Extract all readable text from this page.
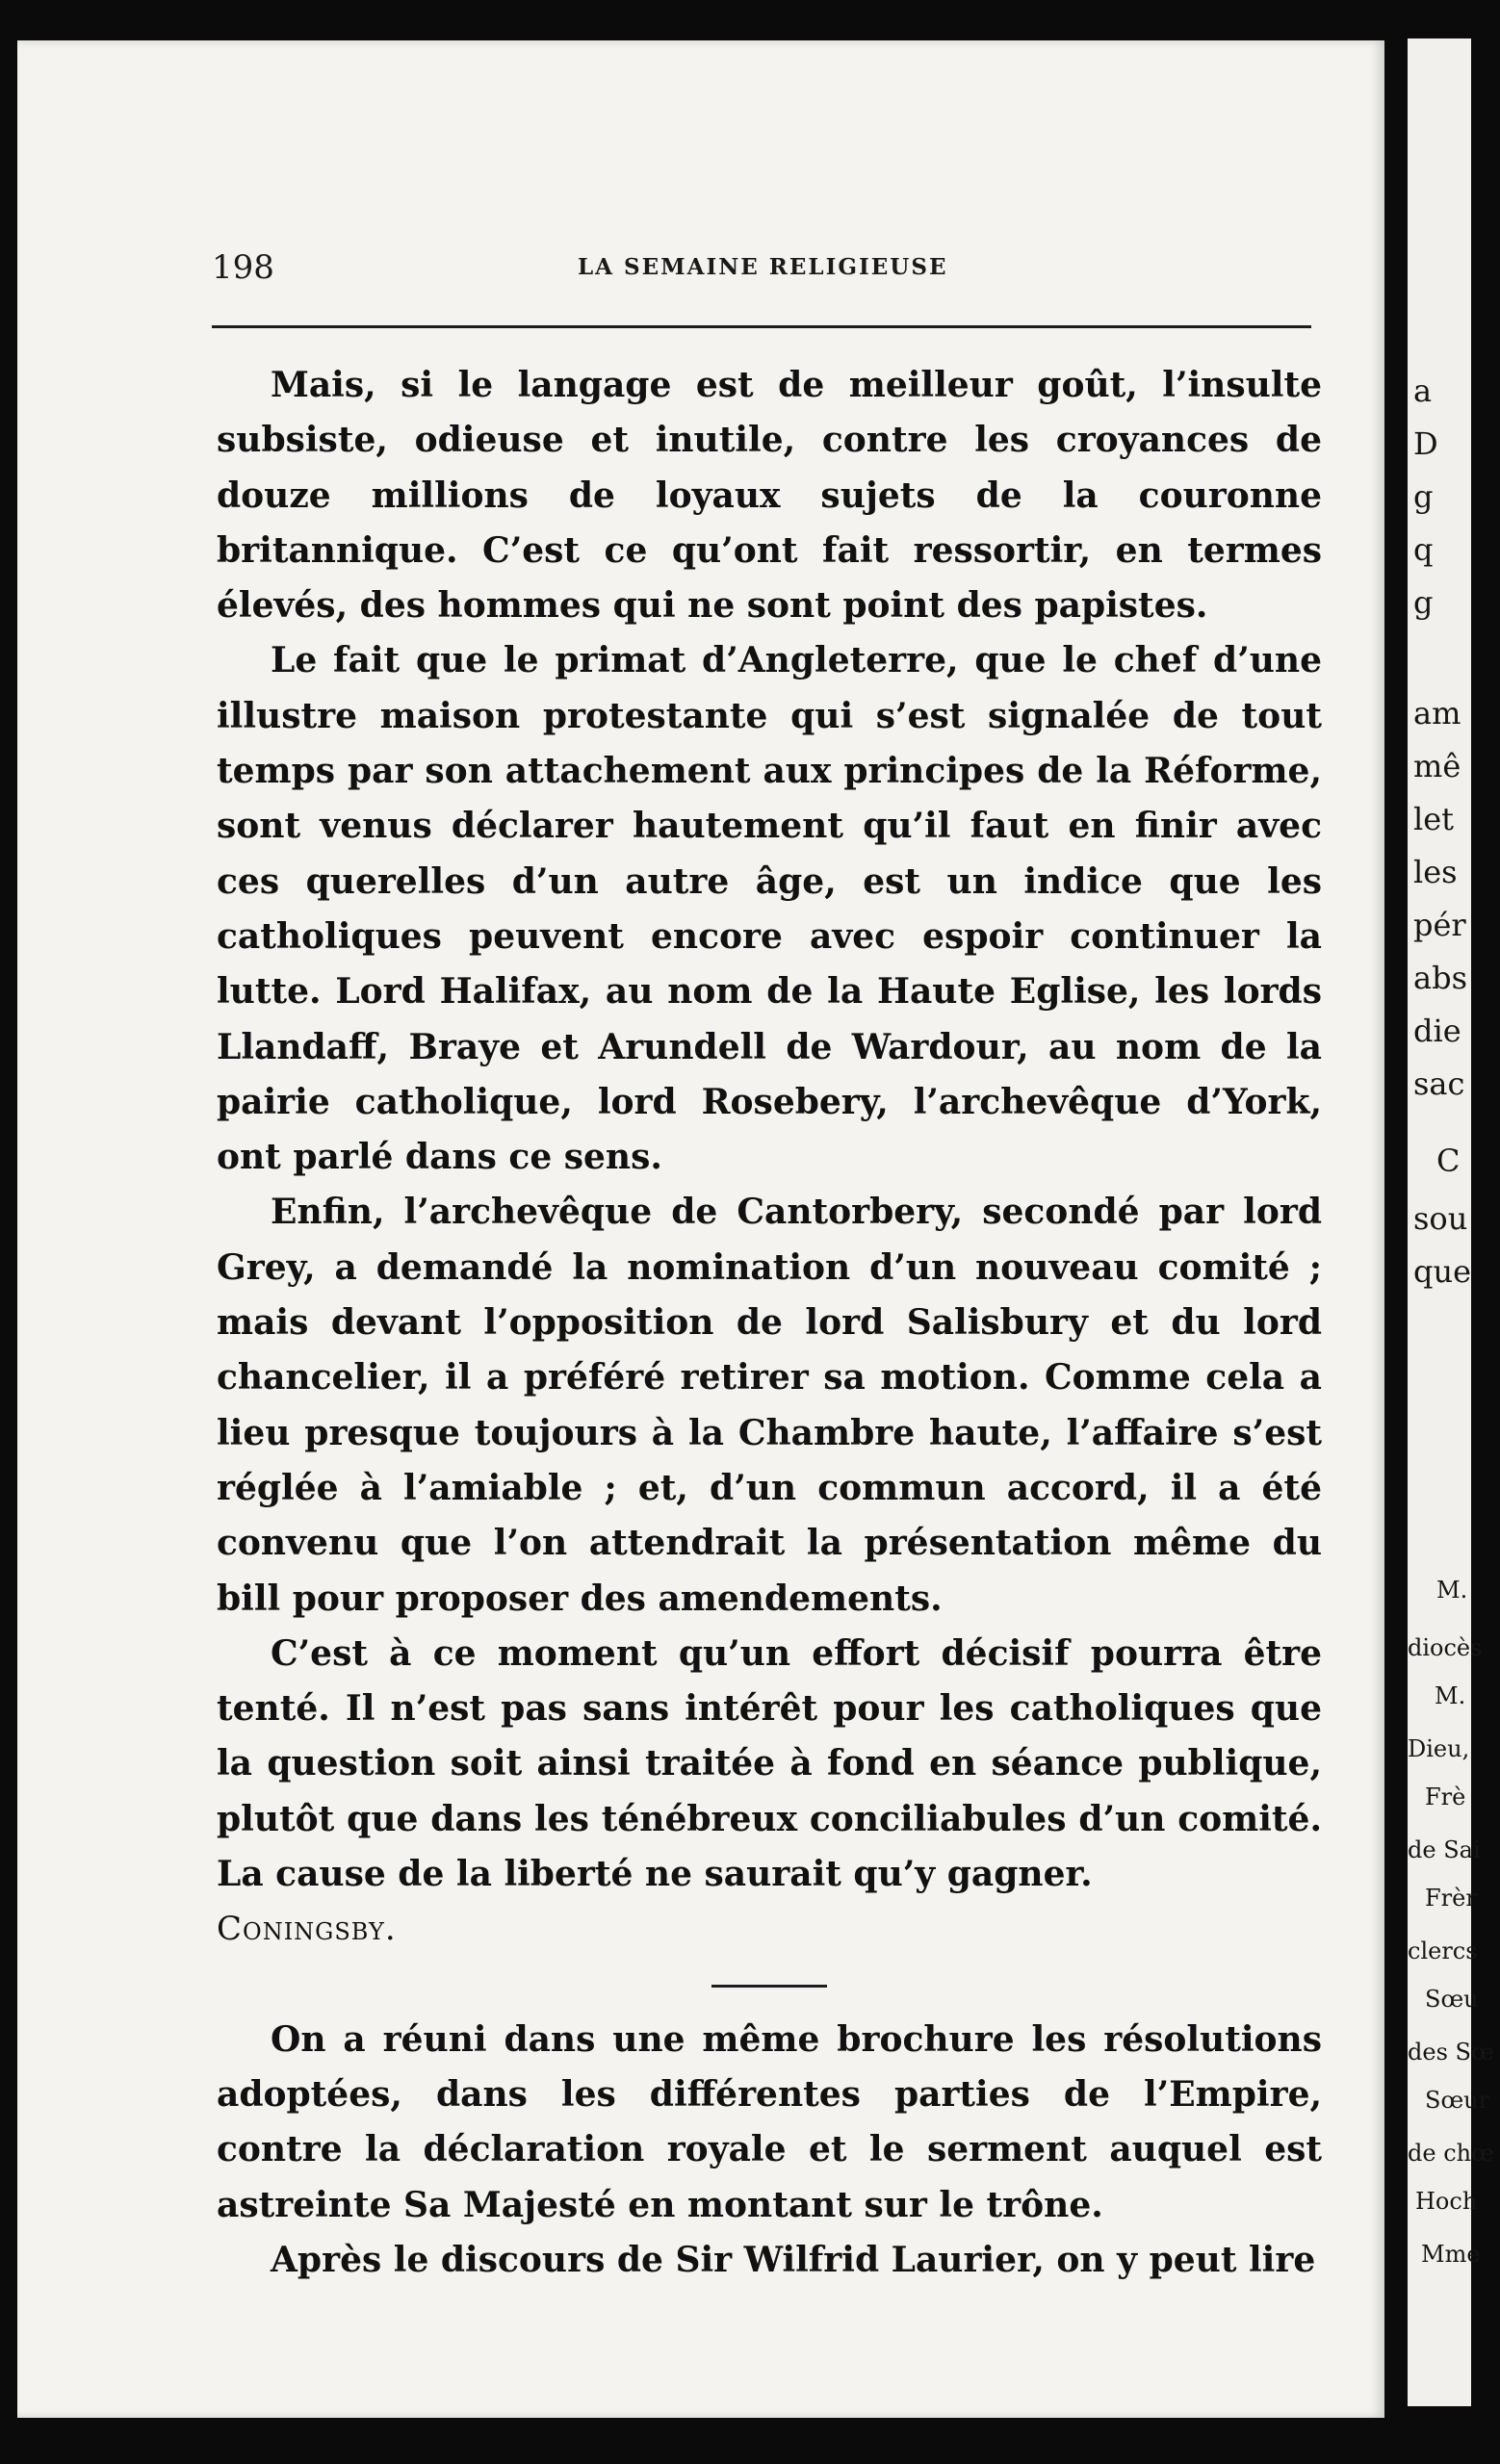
198	LA SEMAINE RELIGIEUSE

Mais, si le langage est de meilleur goût, l’insulte subsiste, odieuse et inutile, contre les croyances de douze millions de loyaux sujets de la couronne britannique. C’est ce qu’ont fait ressortir, en termes élevés, des hommes qui ne sont point des papistes.

Le fait que le primat d’Angleterre, que le chef d’une illustre maison protestante qui s’est signalée de tout temps par son attachement aux principes de la Réforme, sont venus déclarer hautement qu’il faut en finir avec ces querelles d’un autre âge, est un indice que les catholiques peuvent encore avec espoir continuer la lutte. Lord Halifax, au nom de la Haute Eglise, les lords Llandaff, Braye et Arundell de Wardour, au nom de la pairie catholique, lord Rosebery, l’archevêque d’York, ont parlé dans ce sens.

Enfin, l’archevêque de Cantorbery, secondé par lord Grey, a demandé la nomination d’un nouveau comité ; mais devant l’opposition de lord Salisbury et du lord chancelier, il a préféré retirer sa motion. Comme cela a lieu presque toujours à la Chambre haute, l’affaire s’est réglée à l’amiable ; et, d’un commun accord, il a été convenu que l’on attendrait la présentation même du bill pour proposer des amendements.

C’est à ce moment qu’un effort décisif pourra être tenté. Il n’est pas sans intérêt pour les catholiques que la question soit ainsi traitée à fond en séance publique, plutôt que dans les ténébreux conciliabules d’un comité. La cause de la liberté ne saurait qu’y gagner.

Coningsby.

On a réuni dans une même brochure les résolutions adoptées, dans les différentes parties de l’Empire, contre la déclaration royale et le serment auquel est astreinte Sa Majesté en montant sur le trône.

Après le discours de Sir Wilfrid Laurier, on y peut lire

a
D
g
q
g
am
mê
let
les
pér
abs
die
sac
C
sou
que
M.
diocès
M.
Dieu,
Frè
de Sai
Frèr
clercs
Sœu
des Sœ
Sœur
de chœ
Hoch
Mme
